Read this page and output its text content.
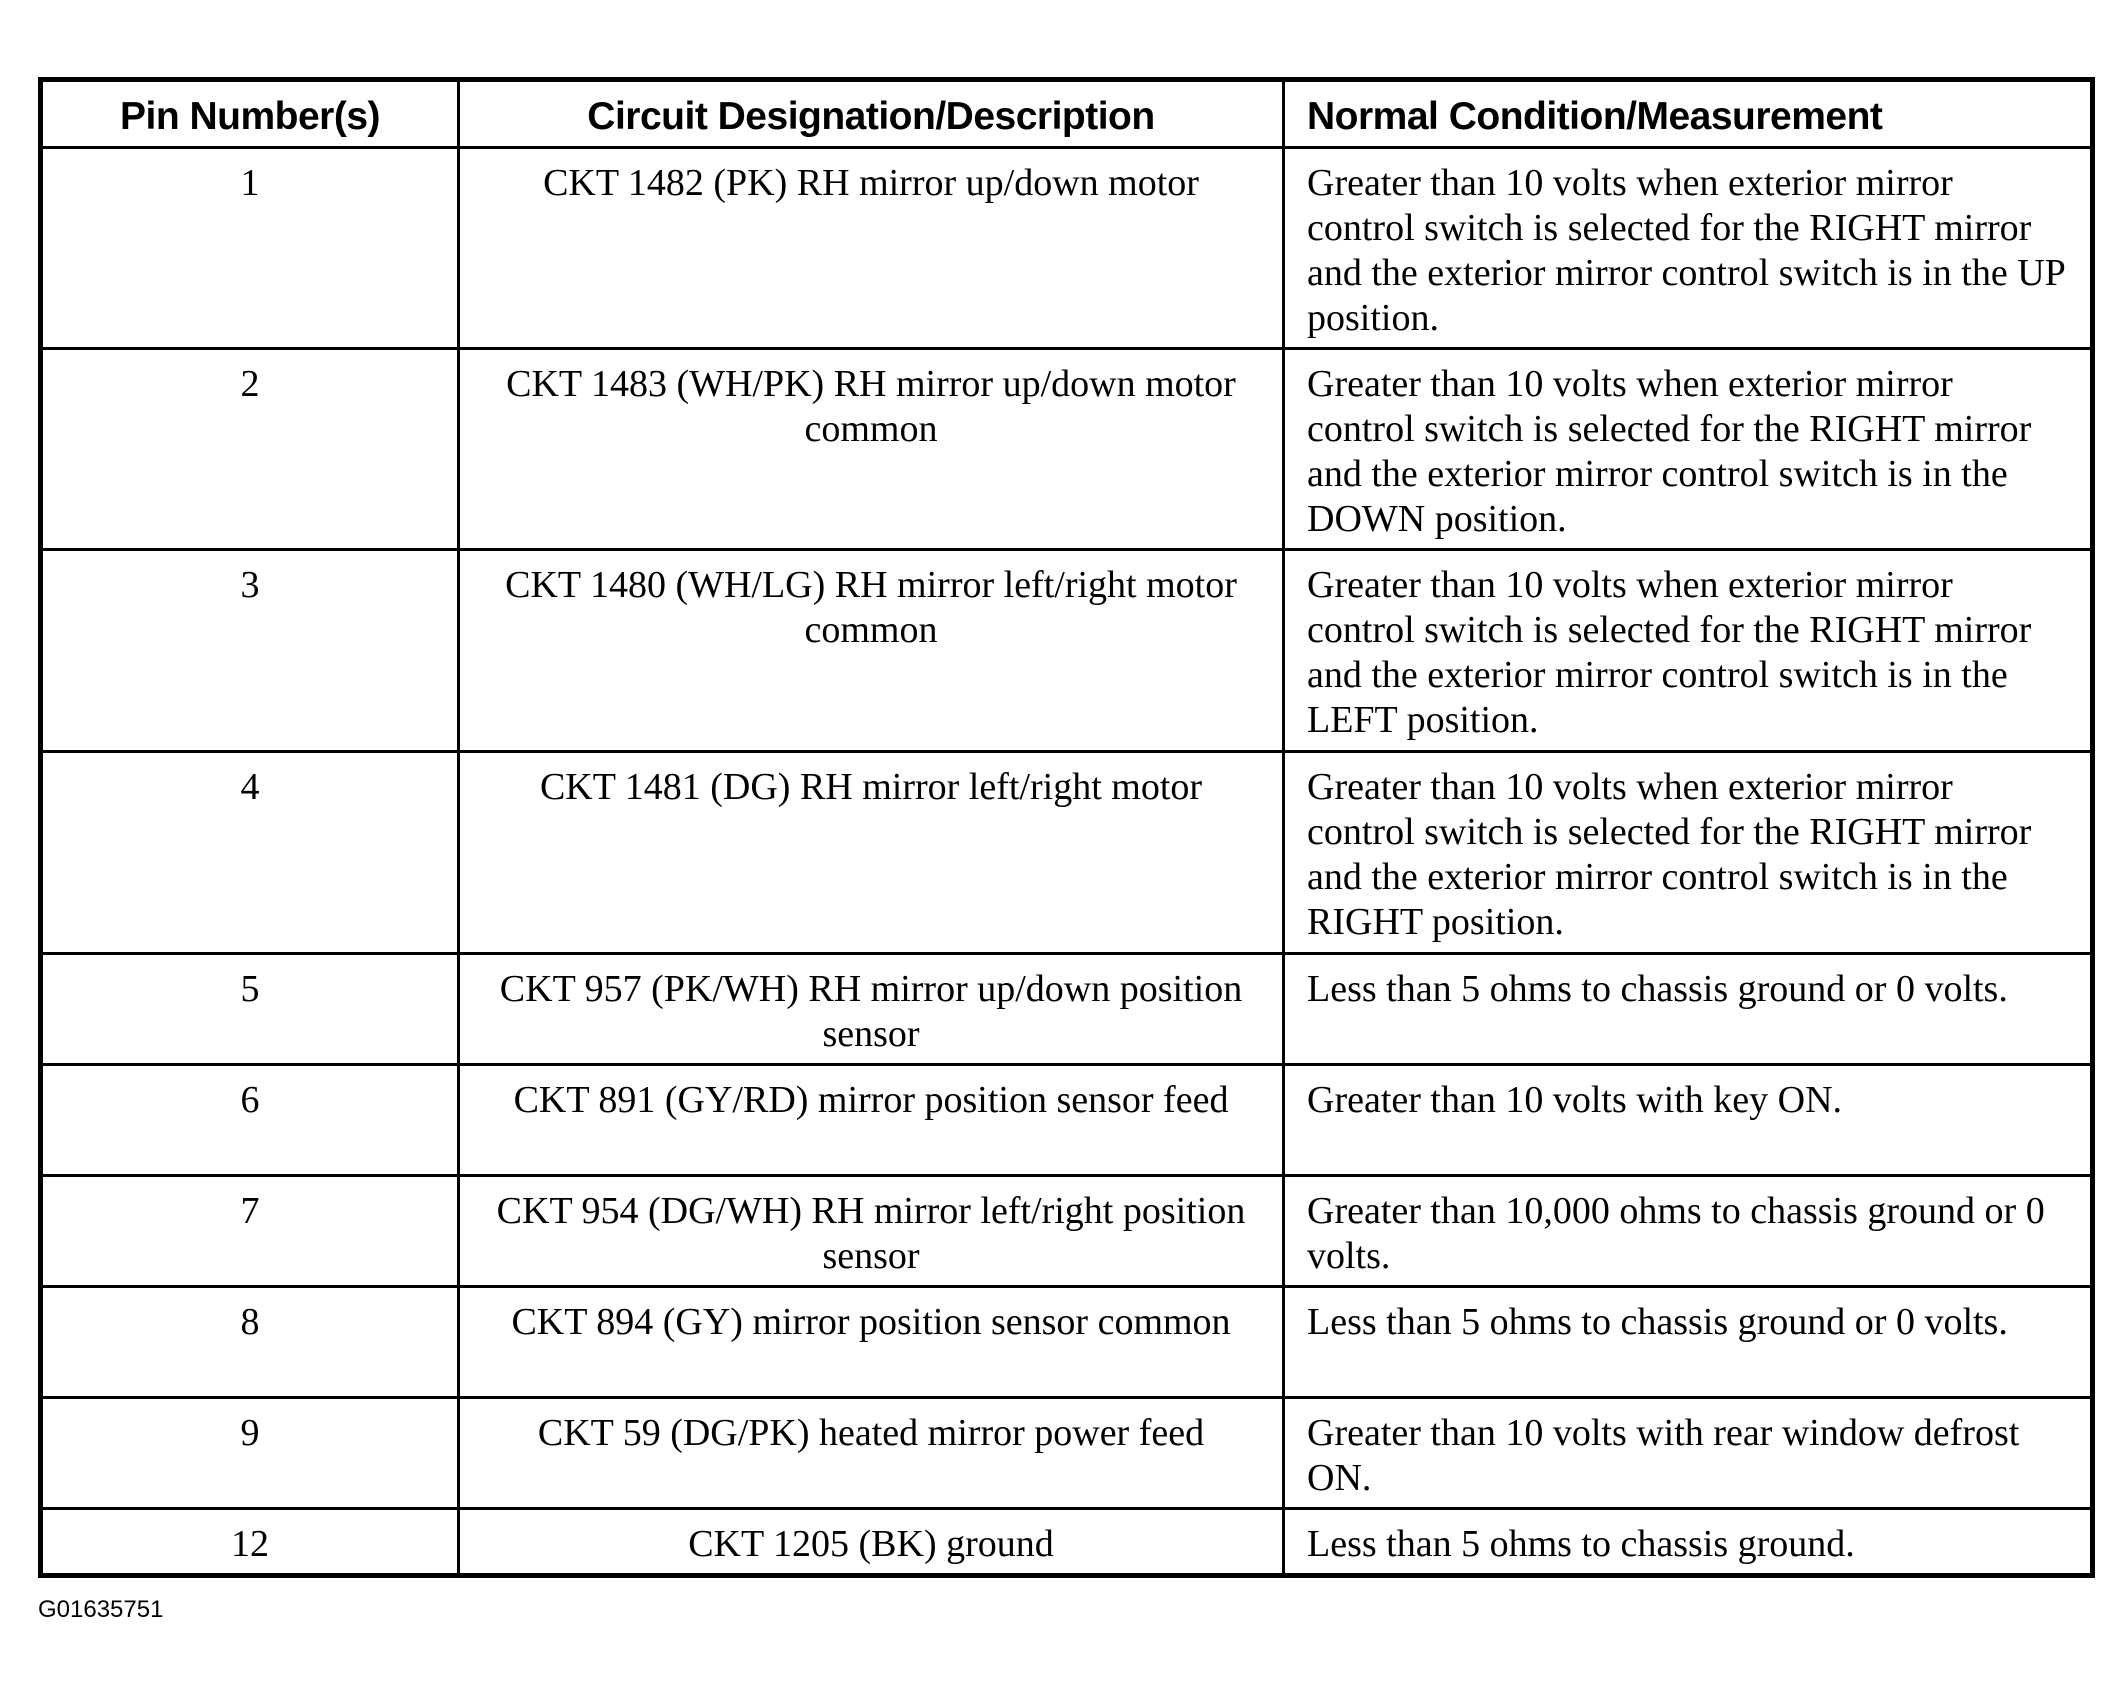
Pin Number(s)	Circuit Designation/Description	Normal Condition/Measurement
1	CKT 1482 (PK) RH mirror up/down motor	Greater than 10 volts when exterior mirror control switch is selected for the RIGHT mirror and the exterior mirror control switch is in the UP position.
2	CKT 1483 (WH/PK) RH mirror up/down motor common	Greater than 10 volts when exterior mirror control switch is selected for the RIGHT mirror and the exterior mirror control switch is in the DOWN position.
3	CKT 1480 (WH/LG) RH mirror left/right motor common	Greater than 10 volts when exterior mirror control switch is selected for the RIGHT mirror and the exterior mirror control switch is in the LEFT position.
4	CKT 1481 (DG) RH mirror left/right motor	Greater than 10 volts when exterior mirror control switch is selected for the RIGHT mirror and the exterior mirror control switch is in the RIGHT position.
5	CKT 957 (PK/WH) RH mirror up/down position sensor	Less than 5 ohms to chassis ground or 0 volts.
6	CKT 891 (GY/RD) mirror position sensor feed	Greater than 10 volts with key ON.
7	CKT 954 (DG/WH) RH mirror left/right position sensor	Greater than 10,000 ohms to chassis ground or 0 volts.
8	CKT 894 (GY) mirror position sensor common	Less than 5 ohms to chassis ground or 0 volts.
9	CKT 59 (DG/PK) heated mirror power feed	Greater than 10 volts with rear window defrost ON.
12	CKT 1205 (BK) ground	Less than 5 ohms to chassis ground.
G01635751
